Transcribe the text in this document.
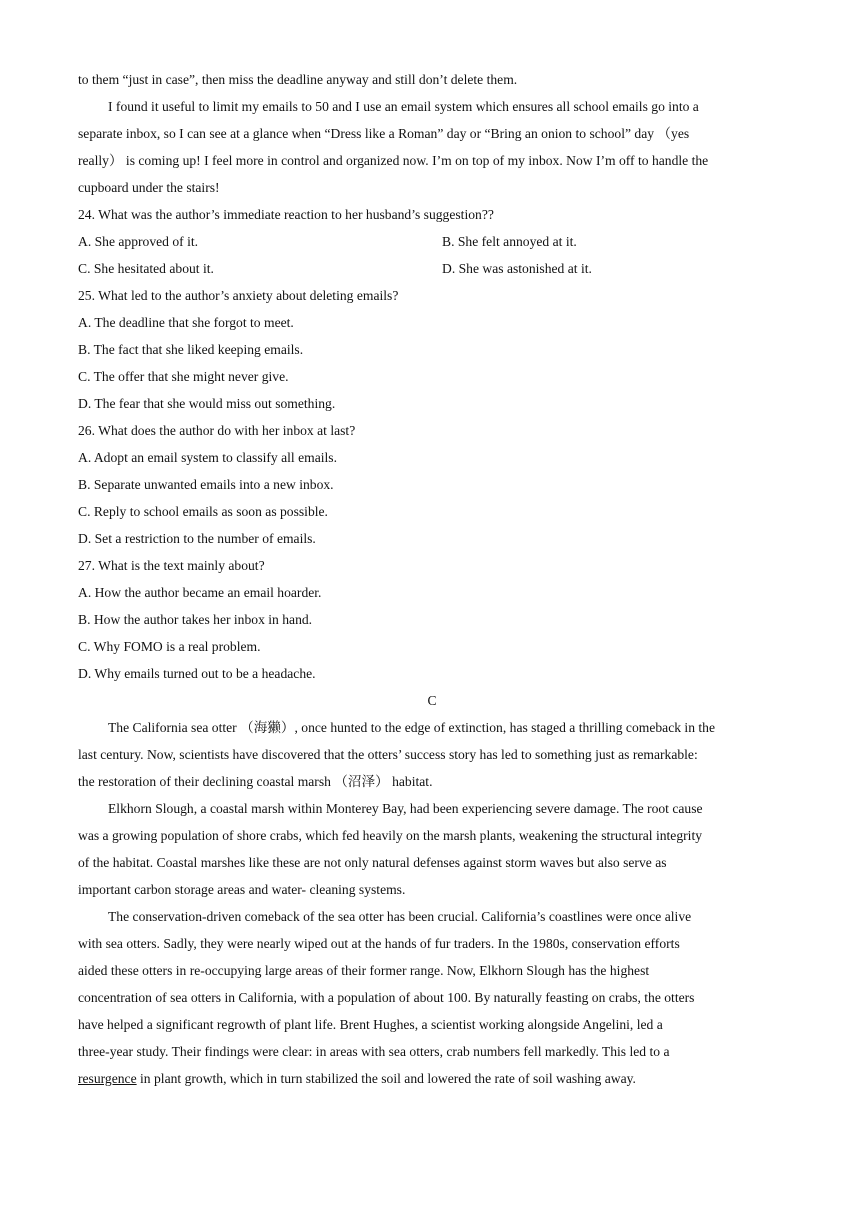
to them “just in case”, then miss the deadline anyway and still don’t delete them.
I found it useful to limit my emails to 50 and I use an email system which ensures all school emails go into a
separate inbox, so I can see at a glance when “Dress like a Roman” day or “Bring an onion to school” day （yes
really） is coming up! I feel more in control and organized now. I’m on top of my inbox. Now I’m off to handle the
cupboard under the stairs!
24. What was the author’s immediate reaction to her husband’s suggestion??
A. She approved of it.	B. She felt annoyed at it.
C. She hesitated about it.	D. She was astonished at it.
25. What led to the author’s anxiety about deleting emails?
A. The deadline that she forgot to meet.
B. The fact that she liked keeping emails.
C. The offer that she might never give.
D. The fear that she would miss out something.
26. What does the author do with her inbox at last?
A. Adopt an email system to classify all emails.
B. Separate unwanted emails into a new inbox.
C. Reply to school emails as soon as possible.
D. Set a restriction to the number of emails.
27. What is the text mainly about?
A. How the author became an email hoarder.
B. How the author takes her inbox in hand.
C. Why FOMO is a real problem.
D. Why emails turned out to be a headache.
C
The California sea otter （海獭）, once hunted to the edge of extinction, has staged a thrilling comeback in the
last century. Now, scientists have discovered that the otters’ success story has led to something just as remarkable:
the restoration of their declining coastal marsh （沼泽） habitat.
Elkhorn Slough, a coastal marsh within Monterey Bay, had been experiencing severe damage. The root cause
was a growing population of shore crabs, which fed heavily on the marsh plants, weakening the structural integrity
of the habitat. Coastal marshes like these are not only natural defenses against storm waves but also serve as
important carbon storage areas and water- cleaning systems.
The conservation-driven comeback of the sea otter has been crucial. California’s coastlines were once alive
with sea otters. Sadly, they were nearly wiped out at the hands of fur traders. In the 1980s, conservation efforts
aided these otters in re-occupying large areas of their former range. Now, Elkhorn Slough has the highest
concentration of sea otters in California, with a population of about 100. By naturally feasting on crabs, the otters
have helped a significant regrowth of plant life. Brent Hughes, a scientist working alongside Angelini, led a
three-year study. Their findings were clear: in areas with sea otters, crab numbers fell markedly. This led to a
resurgence in plant growth, which in turn stabilized the soil and lowered the rate of soil washing away.
